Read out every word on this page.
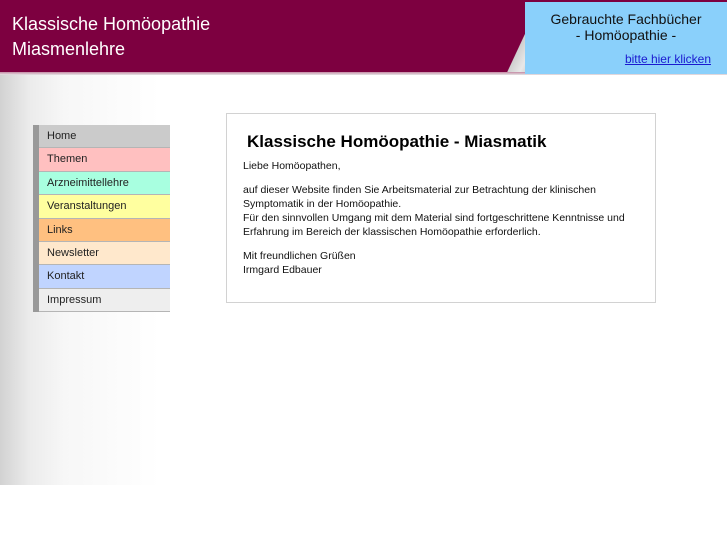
Klassische Homöopathie
Miasmenlehre
Gebrauchte Fachbücher
- Homöopathie -
bitte hier klicken
Home
Themen
Arzneimittellehre
Veranstaltungen
Links
Newsletter
Kontakt
Impressum
Klassische Homöopathie - Miasmatik

Liebe Homöopathen,

auf dieser Website finden Sie Arbeitsmaterial zur Betrachtung der klinischen
Symptomatik in der Homöopathie.
Für den sinnvollen Umgang mit dem Material sind fortgeschrittene Kenntnisse und
Erfahrung im Bereich der klassischen Homöopathie erforderlich.

Mit freundlichen Grüßen
Irmgard Edbauer
